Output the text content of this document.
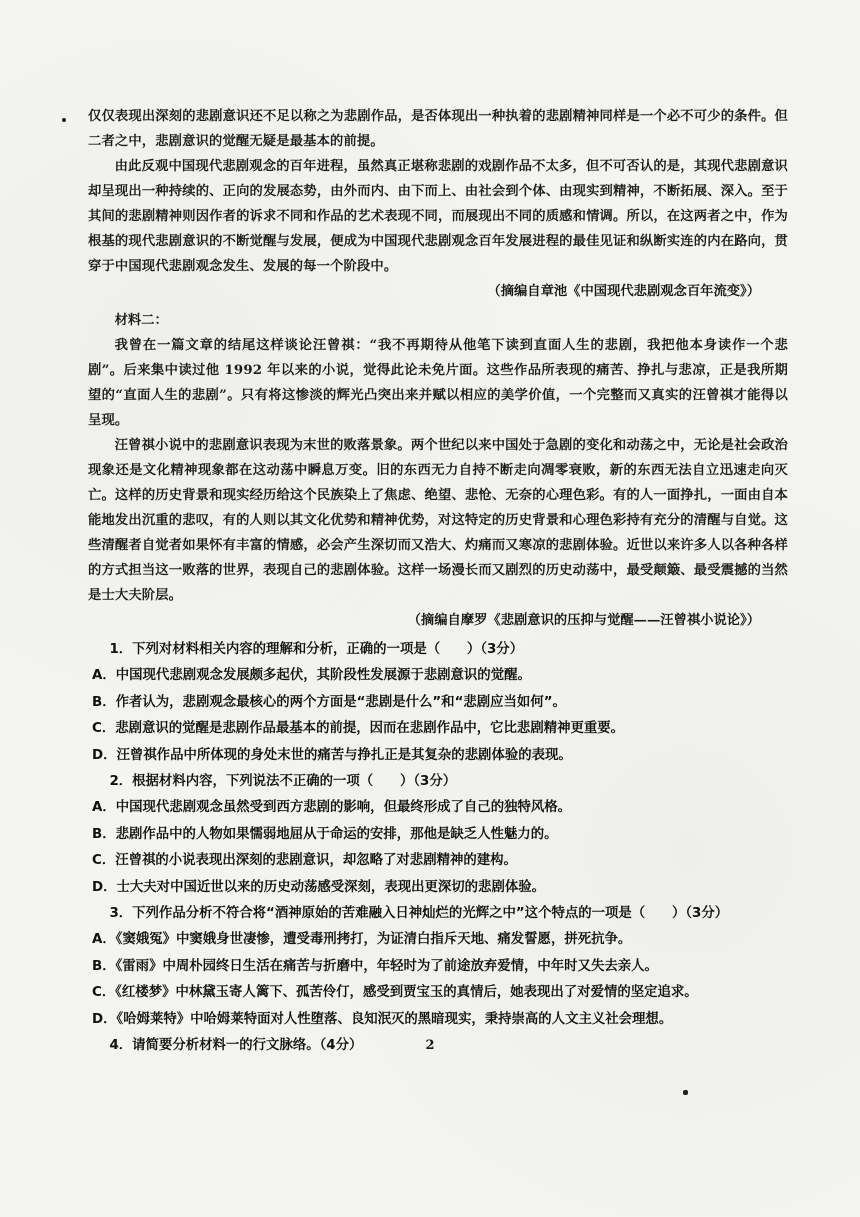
仅仅表现出深刻的悲剧意识还不足以称之为悲剧作品，是否体现出一种执着的悲剧精神同样是一个必不可少的条件。但二者之中，悲剧意识的觉醒无疑是最基本的前提。

由此反观中国现代悲剧观念的百年进程，虽然真正堪称悲剧的戏剧作品不太多，但不可否认的是，其现代悲剧意识却呈现出一种持续的、正向的发展态势，由外而内、由下而上、由社会到个体、由现实到精神，不断拓展、深入。至于其间的悲剧精神则因作者的诉求不同和作品的艺术表现不同，而展现出不同的质感和情调。所以，在这两者之中，作为根基的现代悲剧意识的不断觉醒与发展，便成为中国现代悲剧观念百年发展进程的最佳见证和纵断实连的内在路向，贯穿于中国现代悲剧观念发生、发展的每一个阶段中。

（摘编自章池《中国现代悲剧观念百年流变》）

材料二：

我曾在一篇文章的结尾这样谈论汪曾祺：“我不再期待从他笔下读到直面人生的悲剧，我把他本身读作一个悲剧”。后来集中读过他 1992 年以来的小说，觉得此论未免片面。这些作品所表现的痛苦、挣扎与悲凉，正是我所期望的“直面人生的悲剧”。只有将这惨淡的辉光凸突出来并赋以相应的美学价值，一个完整而又真实的汪曾祺才能得以呈现。

汪曾祺小说中的悲剧意识表现为末世的败落景象。两个世纪以来中国处于急剧的变化和动荡之中，无论是社会政治现象还是文化精神现象都在这动荡中瞬息万变。旧的东西无力自持不断走向凋零衰败，新的东西无法自立迅速走向灭亡。这样的历史背景和现实经历给这个民族染上了焦虑、绝望、悲怆、无奈的心理色彩。有的人一面挣扎，一面由自本能地发出沉重的悲叹，有的人则以其文化优势和精神优势，对这特定的历史背景和心理色彩持有充分的清醒与自觉。这些清醒者自觉者如果怀有丰富的情感，必会产生深切而又浩大、灼痛而又寒凉的悲剧体验。近世以来许多人以各种各样的方式担当这一败落的世界，表现自己的悲剧体验。这样一场漫长而又剧烈的历史动荡中，最受颠簸、最受震撼的当然是士大夫阶层。

（摘编自摩罗《悲剧意识的压抑与觉醒——汪曾祺小说论》）

1．下列对材料相关内容的理解和分析，正确的一项是（　　）（3分）

A．中国现代悲剧观念发展颇多起伏，其阶段性发展源于悲剧意识的觉醒。

B．作者认为，悲剧观念最核心的两个方面是“悲剧是什么”和“悲剧应当如何”。

C．悲剧意识的觉醒是悲剧作品最基本的前提，因而在悲剧作品中，它比悲剧精神更重要。

D．汪曾祺作品中所体现的身处末世的痛苦与挣扎正是其复杂的悲剧体验的表现。

2．根据材料内容，下列说法不正确的一项（　　）（3分）

A．中国现代悲剧观念虽然受到西方悲剧的影响，但最终形成了自己的独特风格。

B．悲剧作品中的人物如果懦弱地屈从于命运的安排，那他是缺乏人性魅力的。

C．汪曾祺的小说表现出深刻的悲剧意识，却忽略了对悲剧精神的建构。

D．士大夫对中国近世以来的历史动荡感受深刻，表现出更深切的悲剧体验。

3．下列作品分析不符合将“酒神原始的苦难融入日神灿烂的光辉之中”这个特点的一项是（　　）（3分）

A．《窦娥冤》中窦娥身世凄惨，遭受毒刑拷打，为证清白指斥天地、痛发誓愿，拼死抗争。

B．《雷雨》中周朴园终日生活在痛苦与折磨中，年轻时为了前途放弃爱情，中年时又失去亲人。

C．《红楼梦》中林黛玉寄人篱下、孤苦伶仃，感受到贾宝玉的真情后，她表现出了对爱情的坚定追求。

D．《哈姆莱特》中哈姆莱特面对人性堕落、良知泯灭的黑暗现实，秉持崇高的人文主义社会理想。

4．请简要分析材料一的行文脉络。（4分）	2
